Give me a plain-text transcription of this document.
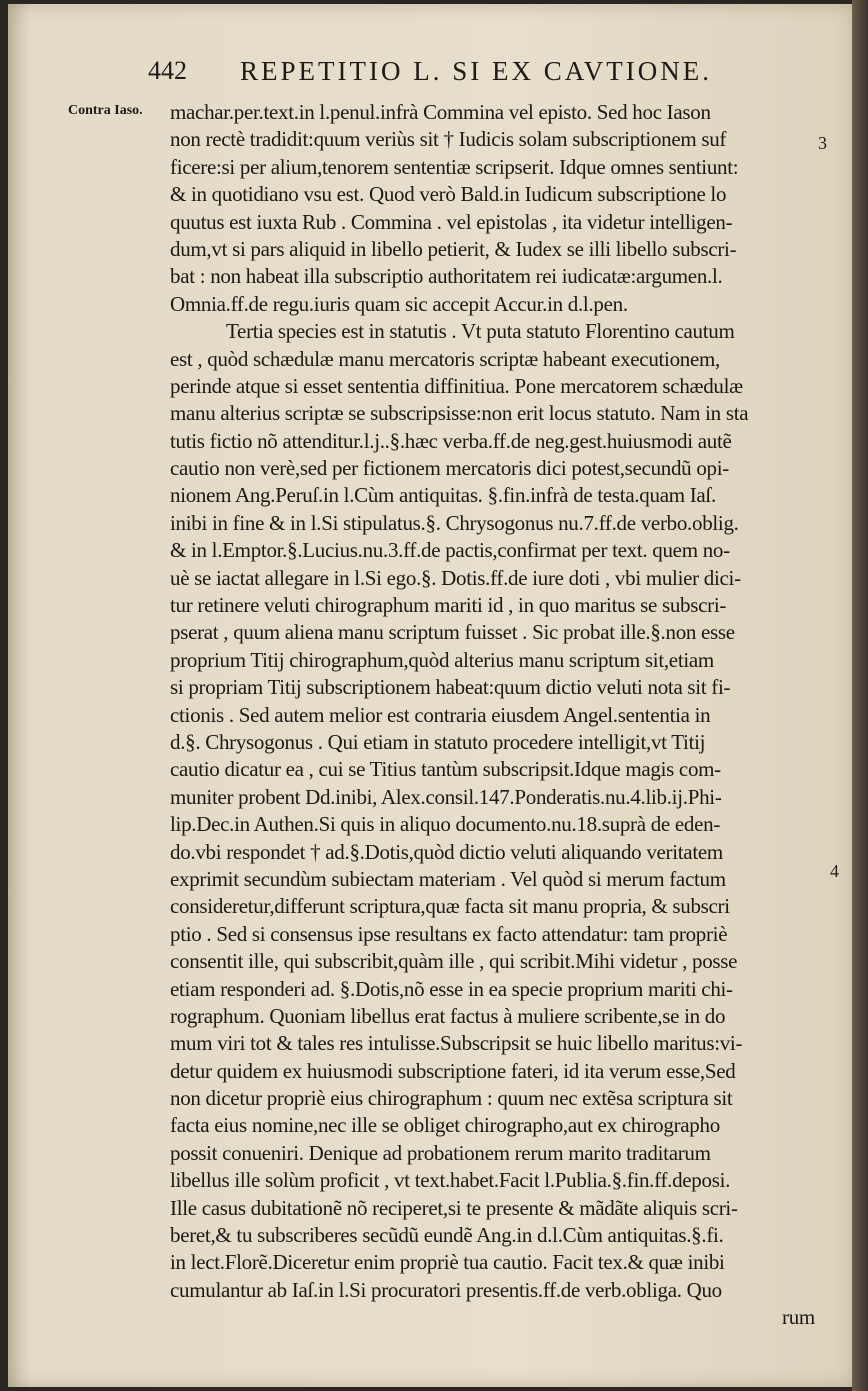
442 REPETITIO L. SI EX CAVTIONE.
Contra Iaso.
3
4
machar.per.text.in l.penul.infrà Commina vel episto. Sed hoc Iason
non rectè tradidit:quum veriùs sit † Iudicis solam subscriptionem suf
ficere:si per alium,tenorem sententiæ scripserit. Idque omnes sentiunt:
& in quotidiano vsu est. Quod verò Bald.in Iudicum subscriptione lo
quutus est iuxta Rub . Commina . vel epistolas , ita videtur intelligen-
dum,vt si pars aliquid in libello petierit, & Iudex se illi libello subscri-
bat : non habeat illa subscriptio authoritatem rei iudicatæ:argumen.l.
Omnia.ff.de regu.iuris quam sic accepit Accur.in d.l.pen.
Tertia species est in statutis . Vt puta statuto Florentino cautum
est , quòd schædulæ manu mercatoris scriptæ habeant executionem,
perinde atque si esset sententia diffinitiua. Pone mercatorem schædulæ
manu alterius scriptæ se subscripsisse:non erit locus statuto. Nam in sta
tutis fictio nõ attenditur.l.j..§.hæc verba.ff.de neg.gest.huiusmodi autẽ
cautio non verè,sed per fictionem mercatoris dici potest,secundũ opi-
nionem Ang.Peruſ.in l.Cùm antiquitas. §.fin.infrà de testa.quam Iaſ.
inibi in fine & in l.Si stipulatus.§. Chrysogonus nu.7.ff.de verbo.oblig.
& in l.Emptor.§.Lucius.nu.3.ff.de pactis,confirmat per text. quem no-
uè se iactat allegare in l.Si ego.§. Dotis.ff.de iure doti , vbi mulier dici-
tur retinere veluti chirographum mariti id , in quo maritus se subscri-
pserat , quum aliena manu scriptum fuisset . Sic probat ille.§.non esse
proprium Titij chirographum,quòd alterius manu scriptum sit,etiam
si propriam Titij subscriptionem habeat:quum dictio veluti nota sit fi-
ctionis . Sed autem melior est contraria eiusdem Angel.sententia in
d.§. Chrysogonus . Qui etiam in statuto procedere intelligit,vt Titij
cautio dicatur ea , cui se Titius tantùm subscripsit.Idque magis com-
muniter probent Dd.inibi, Alex.consil.147.Ponderatis.nu.4.lib.ij.Phi-
lip.Dec.in Authen.Si quis in aliquo documento.nu.18.suprà de eden-
do.vbi respondet † ad.§.Dotis,quòd dictio veluti aliquando veritatem
exprimit secundùm subiectam materiam . Vel quòd si merum factum
consideretur,differunt scriptura,quæ facta sit manu propria, & subscri
ptio . Sed si consensus ipse resultans ex facto attendatur: tam propriè
consentit ille, qui subscribit,quàm ille , qui scribit.Mihi videtur , posse
etiam responderi ad. §.Dotis,nõ esse in ea specie proprium mariti chi-
rographum. Quoniam libellus erat factus à muliere scribente,se in do
mum viri tot & tales res intulisse.Subscripsit se huic libello maritus:vi-
detur quidem ex huiusmodi subscriptione fateri, id ita verum esse,Sed
non dicetur propriè eius chirographum : quum nec extẽsa scriptura sit
facta eius nomine,nec ille se obliget chirographo,aut ex chirographo
possit conueniri. Denique ad probationem rerum marito traditarum
libellus ille solùm proficit , vt text.habet.Facit l.Publia.§.fin.ff.deposi.
Ille casus dubitationẽ nõ reciperet,si te presente & mãdãte aliquis scri-
beret,& tu subscriberes secũdũ eundẽ Ang.in d.l.Cùm antiquitas.§.fi.
in lect.Florẽ.Diceretur enim propriè tua cautio. Facit tex.& quæ inibi
cumulantur ab Iaſ.in l.Si procuratori presentis.ff.de verb.obliga. Quo
rum
